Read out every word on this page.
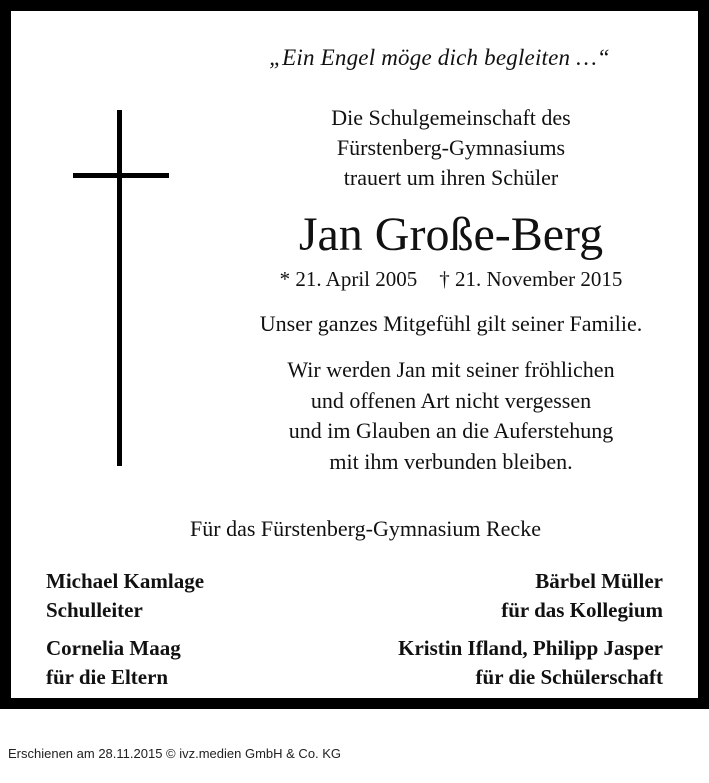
„Ein Engel möge dich begleiten …“
Die Schulgemeinschaft des
Fürstenberg-Gymnasiums
trauert um ihren Schüler
Jan Große-Berg
* 21. April 2005 † 21. November 2015
Unser ganzes Mitgefühl gilt seiner Familie.
Wir werden Jan mit seiner fröhlichen
und offenen Art nicht vergessen
und im Glauben an die Auferstehung
mit ihm verbunden bleiben.
Für das Fürstenberg-Gymnasium Recke
Michael Kamlage
Schulleiter
Bärbel Müller
für das Kollegium
Cornelia Maag
für die Eltern
Kristin Ifland, Philipp Jasper
für die Schülerschaft
Erschienen am 28.11.2015 © ivz.medien GmbH & Co. KG
